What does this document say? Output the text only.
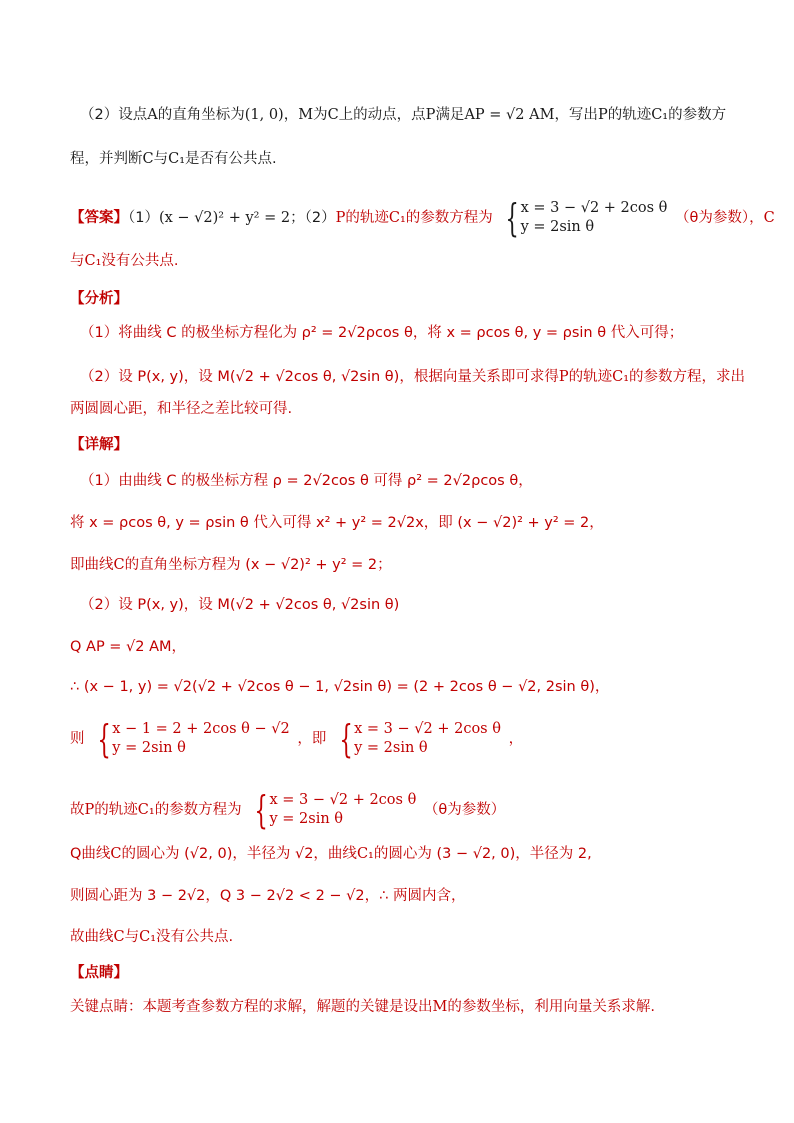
（2）设点A的直角坐标为(1, 0)，M为C上的动点，点P满足AP = √2 AM，写出P的轨迹C₁的参数方
程，并判断C与C₁是否有公共点.
【答案】（1）(x − √2)² + y² = 2；（2）P的轨迹C₁的参数方程为 { x = 3 − √2 + 2cos θ
y = 2sin θ
（θ为参数），C
与C₁没有公共点.
【分析】
（1）将曲线 C 的极坐标方程化为 ρ² = 2√2ρcos θ，将 x = ρcos θ, y = ρsin θ 代入可得；
（2）设 P(x, y)，设 M(√2 + √2cos θ, √2sin θ)，根据向量关系即可求得P的轨迹C₁的参数方程，求出
两圆圆心距，和半径之差比较可得.
【详解】
（1）由曲线 C 的极坐标方程 ρ = 2√2cos θ 可得 ρ² = 2√2ρcos θ，
将 x = ρcos θ, y = ρsin θ 代入可得 x² + y² = 2√2x，即 (x − √2)² + y² = 2，
即曲线C的直角坐标方程为 (x − √2)² + y² = 2；
（2）设 P(x, y)，设 M(√2 + √2cos θ, √2sin θ)
Q AP = √2 AM，
∴ (x − 1, y) = √2(√2 + √2cos θ − 1, √2sin θ) = (2 + 2cos θ − √2, 2sin θ)，
则 { x − 1 = 2 + 2cos θ − √2
y = 2sin θ
，即 { x = 3 − √2 + 2cos θ
y = 2sin θ
，
故P的轨迹C₁的参数方程为 { x = 3 − √2 + 2cos θ
y = 2sin θ
（θ为参数）
Q曲线C的圆心为 (√2, 0)，半径为 √2，曲线C₁的圆心为 (3 − √2, 0)，半径为 2,
则圆心距为 3 − 2√2，Q 3 − 2√2 < 2 − √2，∴ 两圆内含，
故曲线C与C₁没有公共点.
【点睛】
关键点睛：本题考查参数方程的求解，解题的关键是设出M的参数坐标，利用向量关系求解.
